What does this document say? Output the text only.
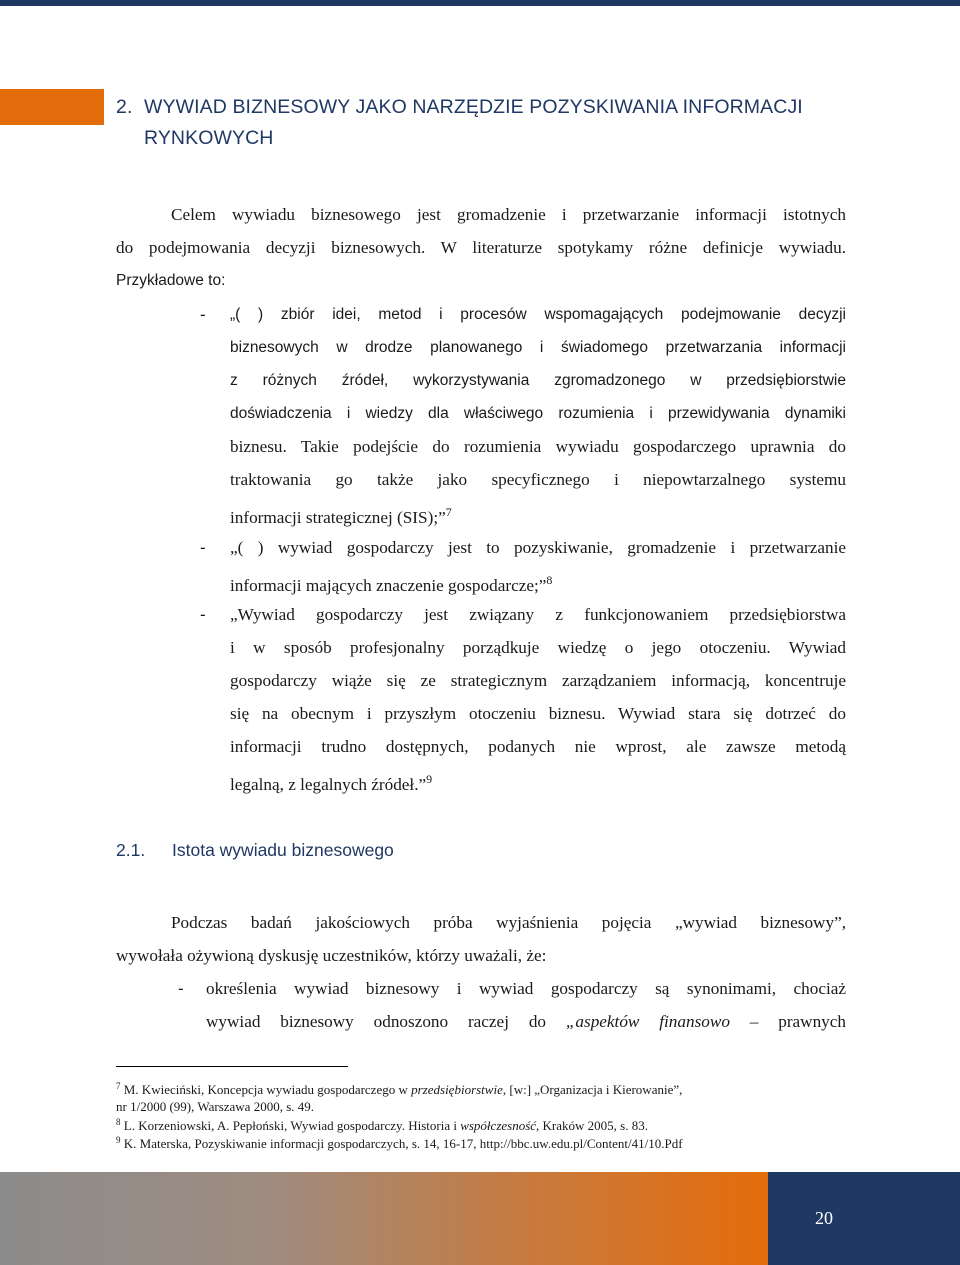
2. WYWIAD BIZNESOWY JAKO NARZĘDZIE POZYSKIWANIA INFORMACJI
RYNKOWYCH
Celem wywiadu biznesowego jest gromadzenie i przetwarzanie informacji istotnych
do podejmowania decyzji biznesowych. W literaturze spotykamy różne definicje wywiadu.
Przykładowe to:
- „( ) zbiór idei, metod i procesów wspomagających podejmowanie decyzji
biznesowych w drodze planowanego i świadomego przetwarzania informacji
z różnych źródeł, wykorzystywania zgromadzonego w przedsiębiorstwie
doświadczenia i wiedzy dla właściwego rozumienia i przewidywania dynamiki
biznesu. Takie podejście do rozumienia wywiadu gospodarczego uprawnia do
traktowania go także jako specyficznego i niepowtarzalnego systemu
informacji strategicznej (SIS);”$^7$
- „( ) wywiad gospodarczy jest to pozyskiwanie, gromadzenie i przetwarzanie
informacji mających znaczenie gospodarcze;”$^8$
- „Wywiad gospodarczy jest związany z funkcjonowaniem przedsiębiorstwa
i w sposób profesjonalny porządkuje wiedzę o jego otoczeniu. Wywiad
gospodarczy wiąże się ze strategicznym zarządzaniem informacją, koncentruje
się na obecnym i przyszłym otoczeniu biznesu. Wywiad stara się dotrzeć do
informacji trudno dostępnych, podanych nie wprost, ale zawsze metodą
legalną, z legalnych źródeł.”$^9$
2.1. Istota wywiadu biznesowego
Podczas badań jakościowych próba wyjaśnienia pojęcia „wywiad biznesowy”,
wywołała ożywioną dyskusję uczestników, którzy uważali, że:
- określenia wywiad biznesowy i wywiad gospodarczy są synonimami, chociaż
wywiad biznesowy odnoszono raczej do „aspektów finansowo – prawnych
$^7$ M. Kwieciński, Koncepcja wywiadu gospodarczego w przedsiębiorstwie, [w:] „Organizacja i Kierowanie”,
nr 1/2000 (99), Warszawa 2000, s. 49.
$^8$ L. Korzeniowski, A. Pepłoński, Wywiad gospodarczy. Historia i współczesność, Kraków 2005, s. 83.
$^9$ K. Materska, Pozyskiwanie informacji gospodarczych, s. 14, 16-17, http://bbc.uw.edu.pl/Content/41/10.Pdf
20
